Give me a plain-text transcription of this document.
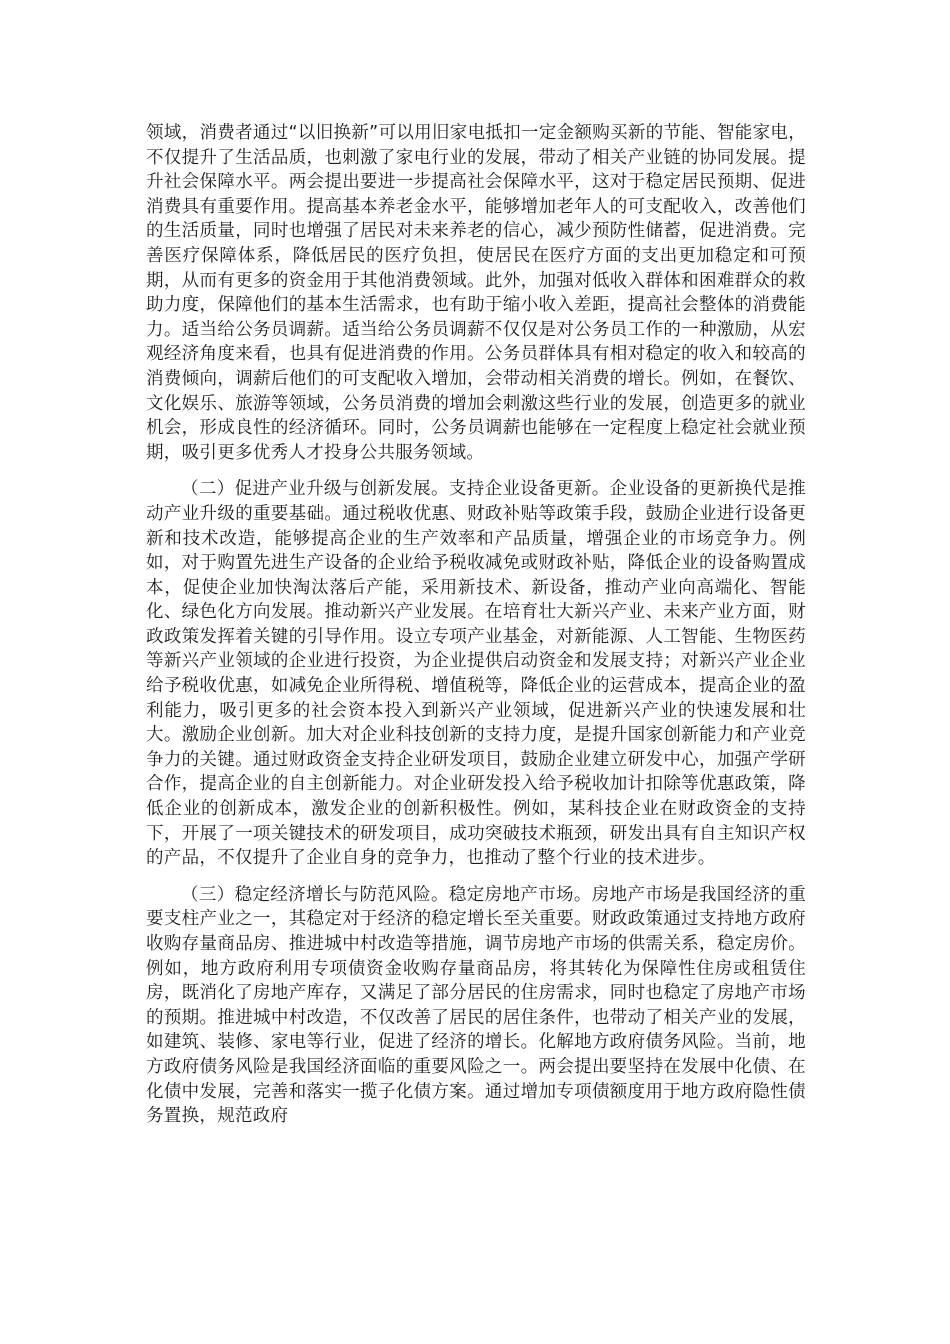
领域，消费者通过“以旧换新”可以用旧家电抵扣一定金额购买新的节能、智能家电，不仅提升了生活品质，也刺激了家电行业的发展，带动了相关产业链的协同发展。提升社会保障水平。两会提出要进一步提高社会保障水平，这对于稳定居民预期、促进消费具有重要作用。提高基本养老金水平，能够增加老年人的可支配收入，改善他们的生活质量，同时也增强了居民对未来养老的信心，减少预防性储蓄，促进消费。完善医疗保障体系，降低居民的医疗负担，使居民在医疗方面的支出更加稳定和可预期，从而有更多的资金用于其他消费领域。此外，加强对低收入群体和困难群众的救助力度，保障他们的基本生活需求，也有助于缩小收入差距，提高社会整体的消费能力。适当给公务员调薪。适当给公务员调薪不仅仅是对公务员工作的一种激励，从宏观经济角度来看，也具有促进消费的作用。公务员群体具有相对稳定的收入和较高的消费倾向，调薪后他们的可支配收入增加，会带动相关消费的增长。例如，在餐饮、文化娱乐、旅游等领域，公务员消费的增加会刺激这些行业的发展，创造更多的就业机会，形成良性的经济循环。同时，公务员调薪也能够在一定程度上稳定社会就业预期，吸引更多优秀人才投身公共服务领域。

（二）促进产业升级与创新发展。支持企业设备更新。企业设备的更新换代是推动产业升级的重要基础。通过税收优惠、财政补贴等政策手段，鼓励企业进行设备更新和技术改造，能够提高企业的生产效率和产品质量，增强企业的市场竞争力。例如，对于购置先进生产设备的企业给予税收减免或财政补贴，降低企业的设备购置成本，促使企业加快淘汰落后产能，采用新技术、新设备，推动产业向高端化、智能化、绿色化方向发展。推动新兴产业发展。在培育壮大新兴产业、未来产业方面，财政政策发挥着关键的引导作用。设立专项产业基金，对新能源、人工智能、生物医药等新兴产业领域的企业进行投资，为企业提供启动资金和发展支持；对新兴产业企业给予税收优惠，如减免企业所得税、增值税等，降低企业的运营成本，提高企业的盈利能力，吸引更多的社会资本投入到新兴产业领域，促进新兴产业的快速发展和壮大。激励企业创新。加大对企业科技创新的支持力度，是提升国家创新能力和产业竞争力的关键。通过财政资金支持企业研发项目，鼓励企业建立研发中心，加强产学研合作，提高企业的自主创新能力。对企业研发投入给予税收加计扣除等优惠政策，降低企业的创新成本，激发企业的创新积极性。例如，某科技企业在财政资金的支持下，开展了一项关键技术的研发项目，成功突破技术瓶颈，研发出具有自主知识产权的产品，不仅提升了企业自身的竞争力，也推动了整个行业的技术进步。

（三）稳定经济增长与防范风险。稳定房地产市场。房地产市场是我国经济的重要支柱产业之一，其稳定对于经济的稳定增长至关重要。财政政策通过支持地方政府收购存量商品房、推进城中村改造等措施，调节房地产市场的供需关系，稳定房价。例如，地方政府利用专项债资金收购存量商品房，将其转化为保障性住房或租赁住房，既消化了房地产库存，又满足了部分居民的住房需求，同时也稳定了房地产市场的预期。推进城中村改造，不仅改善了居民的居住条件，也带动了相关产业的发展，如建筑、装修、家电等行业，促进了经济的增长。化解地方政府债务风险。当前，地方政府债务风险是我国经济面临的重要风险之一。两会提出要坚持在发展中化债、在化债中发展，完善和落实一揽子化债方案。通过增加专项债额度用于地方政府隐性债务置换，规范政府
